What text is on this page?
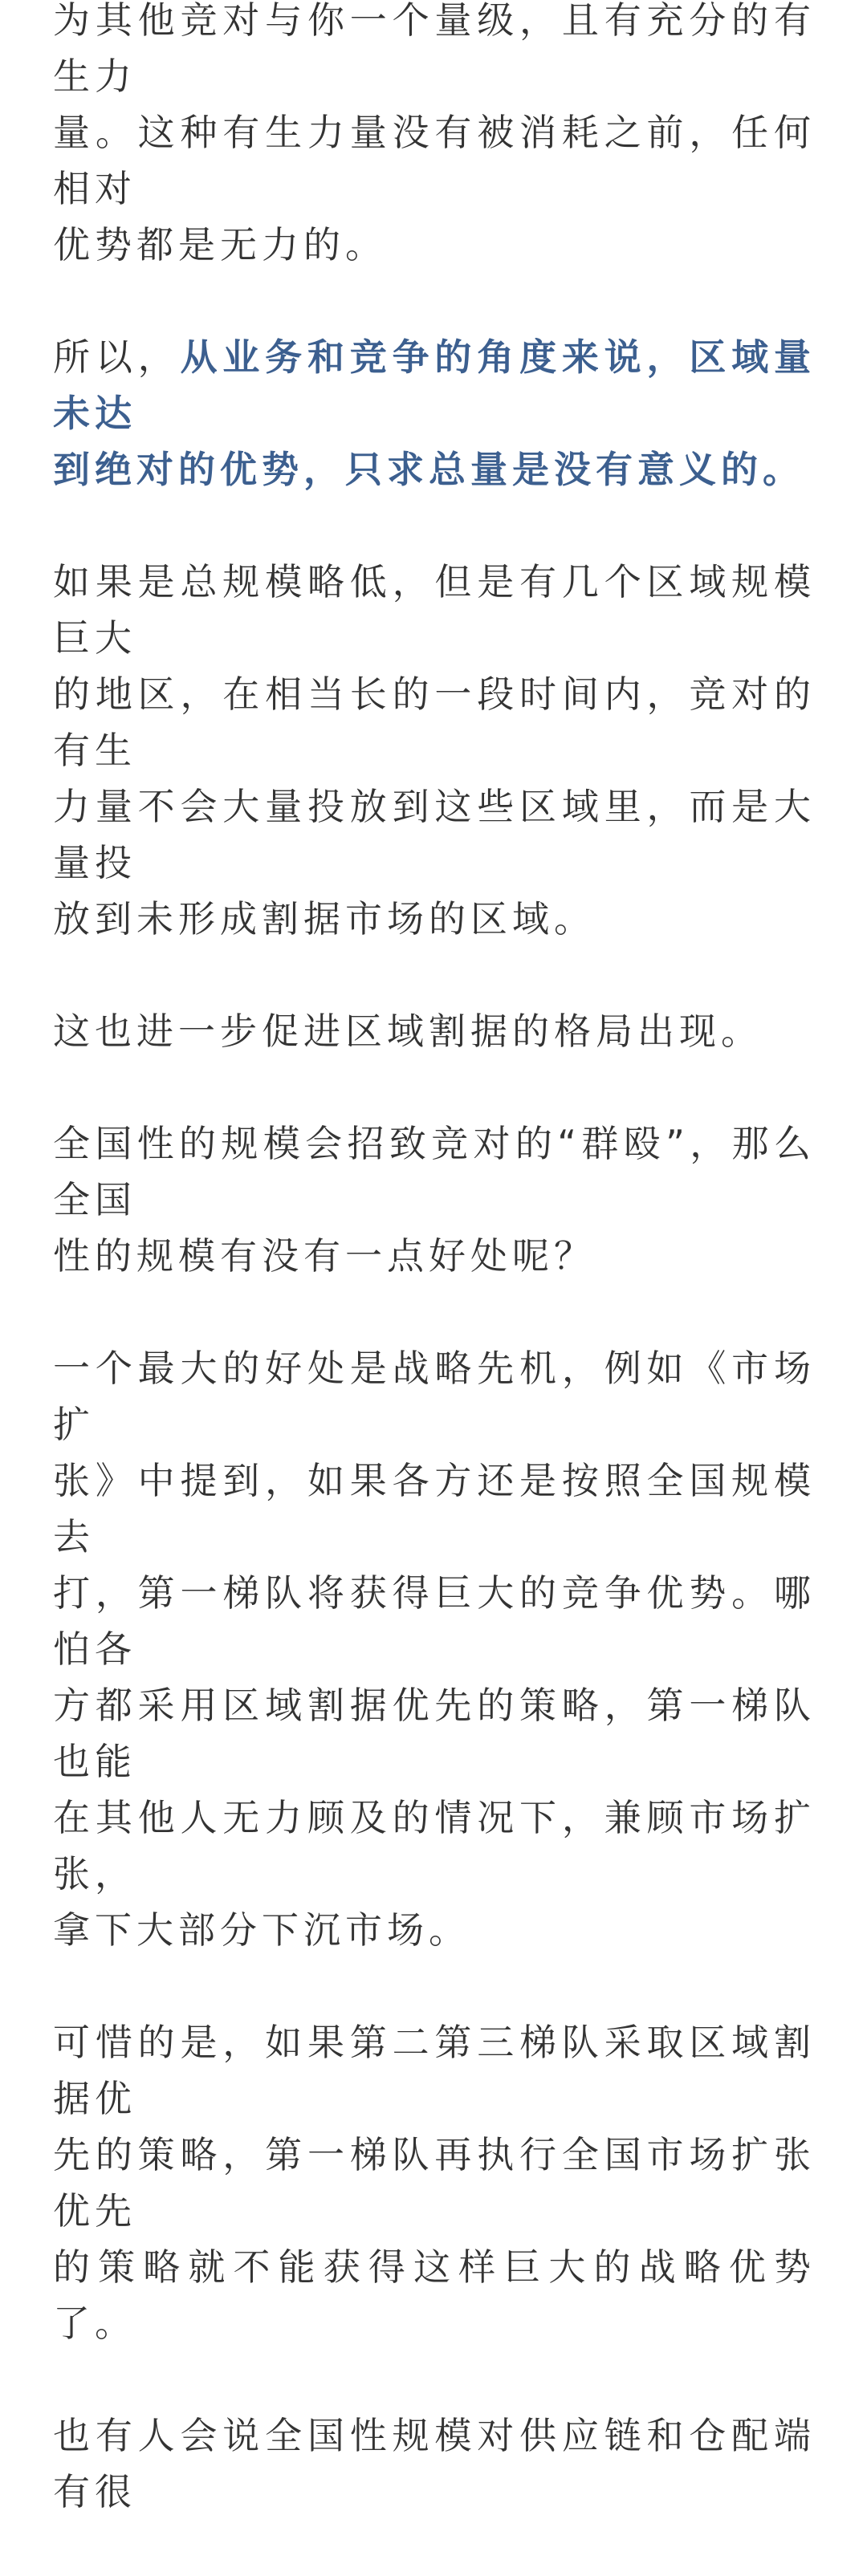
为其他竞对与你一个量级，且有充分的有生力
量。这种有生力量没有被消耗之前，任何相对
优势都是无力的。

所以，从业务和竞争的角度来说，区域量未达
到绝对的优势，只求总量是没有意义的。

如果是总规模略低，但是有几个区域规模巨大
的地区，在相当长的一段时间内，竞对的有生
力量不会大量投放到这些区域里，而是大量投
放到未形成割据市场的区域。

这也进一步促进区域割据的格局出现。

全国性的规模会招致竞对的“群殴”，那么全国
性的规模有没有一点好处呢？

一个最大的好处是战略先机，例如《市场扩
张》中提到，如果各方还是按照全国规模去
打，第一梯队将获得巨大的竞争优势。哪怕各
方都采用区域割据优先的策略，第一梯队也能
在其他人无力顾及的情况下，兼顾市场扩张，
拿下大部分下沉市场。

可惜的是，如果第二第三梯队采取区域割据优
先的策略，第一梯队再执行全国市场扩张优先
的策略就不能获得这样巨大的战略优势了。

也有人会说全国性规模对供应链和仓配端有很
